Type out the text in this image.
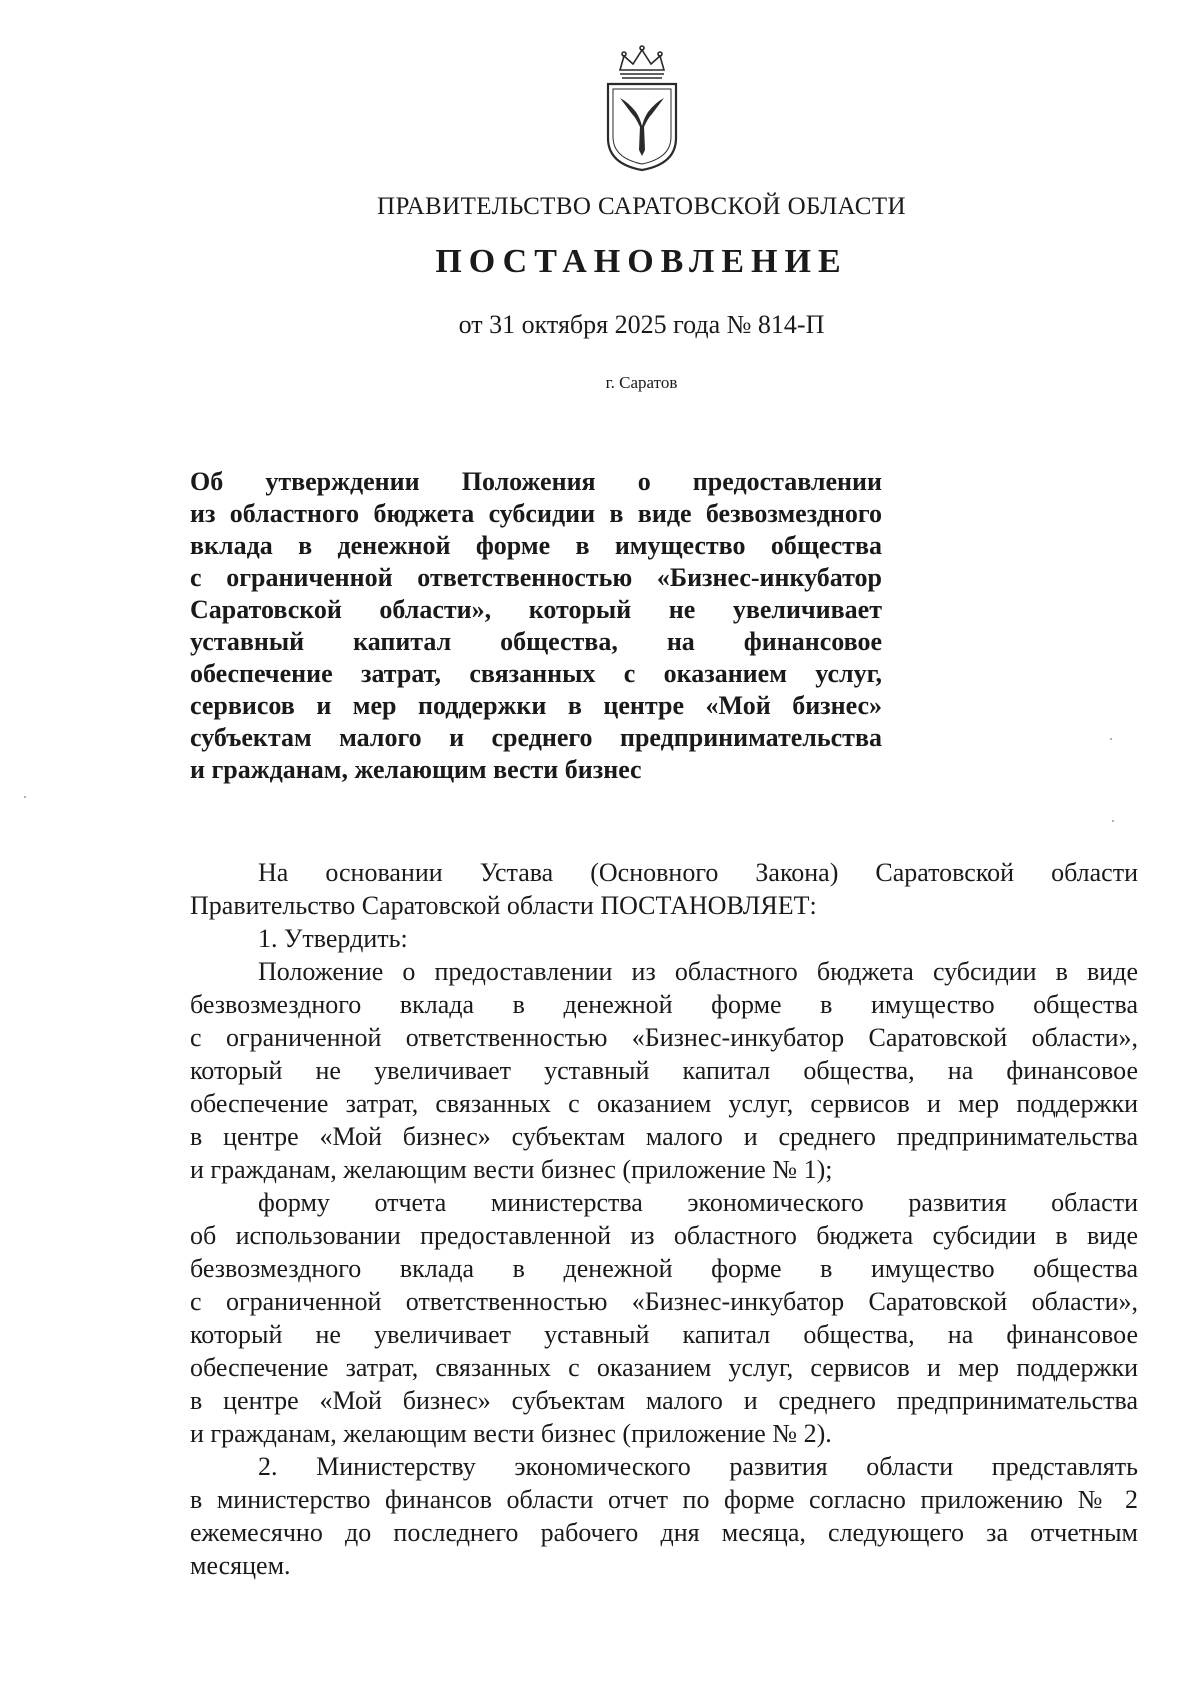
ПРАВИТЕЛЬСТВО САРАТОВСКОЙ ОБЛАСТИ
ПОСТАНОВЛЕНИЕ
от 31 октября 2025 года № 814-П
г. Саратов
Об утверждении Положения о предоставлении
из областного бюджета субсидии в виде безвозмездного
вклада в денежной форме в имущество общества
с ограниченной ответственностью «Бизнес-инкубатор
Саратовской области», который не увеличивает
уставный капитал общества, на финансовое
обеспечение затрат, связанных с оказанием услуг,
сервисов и мер поддержки в центре «Мой бизнес»
субъектам малого и среднего предпринимательства
и гражданам, желающим вести бизнес
На основании Устава (Основного Закона) Саратовской области
Правительство Саратовской области ПОСТАНОВЛЯЕТ:
1. Утвердить:
Положение о предоставлении из областного бюджета субсидии в виде
безвозмездного вклада в денежной форме в имущество общества
с ограниченной ответственностью «Бизнес-инкубатор Саратовской области»,
который не увеличивает уставный капитал общества, на финансовое
обеспечение затрат, связанных с оказанием услуг, сервисов и мер поддержки
в центре «Мой бизнес» субъектам малого и среднего предпринимательства
и гражданам, желающим вести бизнес (приложение № 1);
форму отчета министерства экономического развития области
об использовании предоставленной из областного бюджета субсидии в виде
безвозмездного вклада в денежной форме в имущество общества
с ограниченной ответственностью «Бизнес-инкубатор Саратовской области»,
который не увеличивает уставный капитал общества, на финансовое
обеспечение затрат, связанных с оказанием услуг, сервисов и мер поддержки
в центре «Мой бизнес» субъектам малого и среднего предпринимательства
и гражданам, желающим вести бизнес (приложение № 2).
2. Министерству экономического развития области представлять
в министерство финансов области отчет по форме согласно приложению № 2
ежемесячно до последнего рабочего дня месяца, следующего за отчетным
месяцем.
